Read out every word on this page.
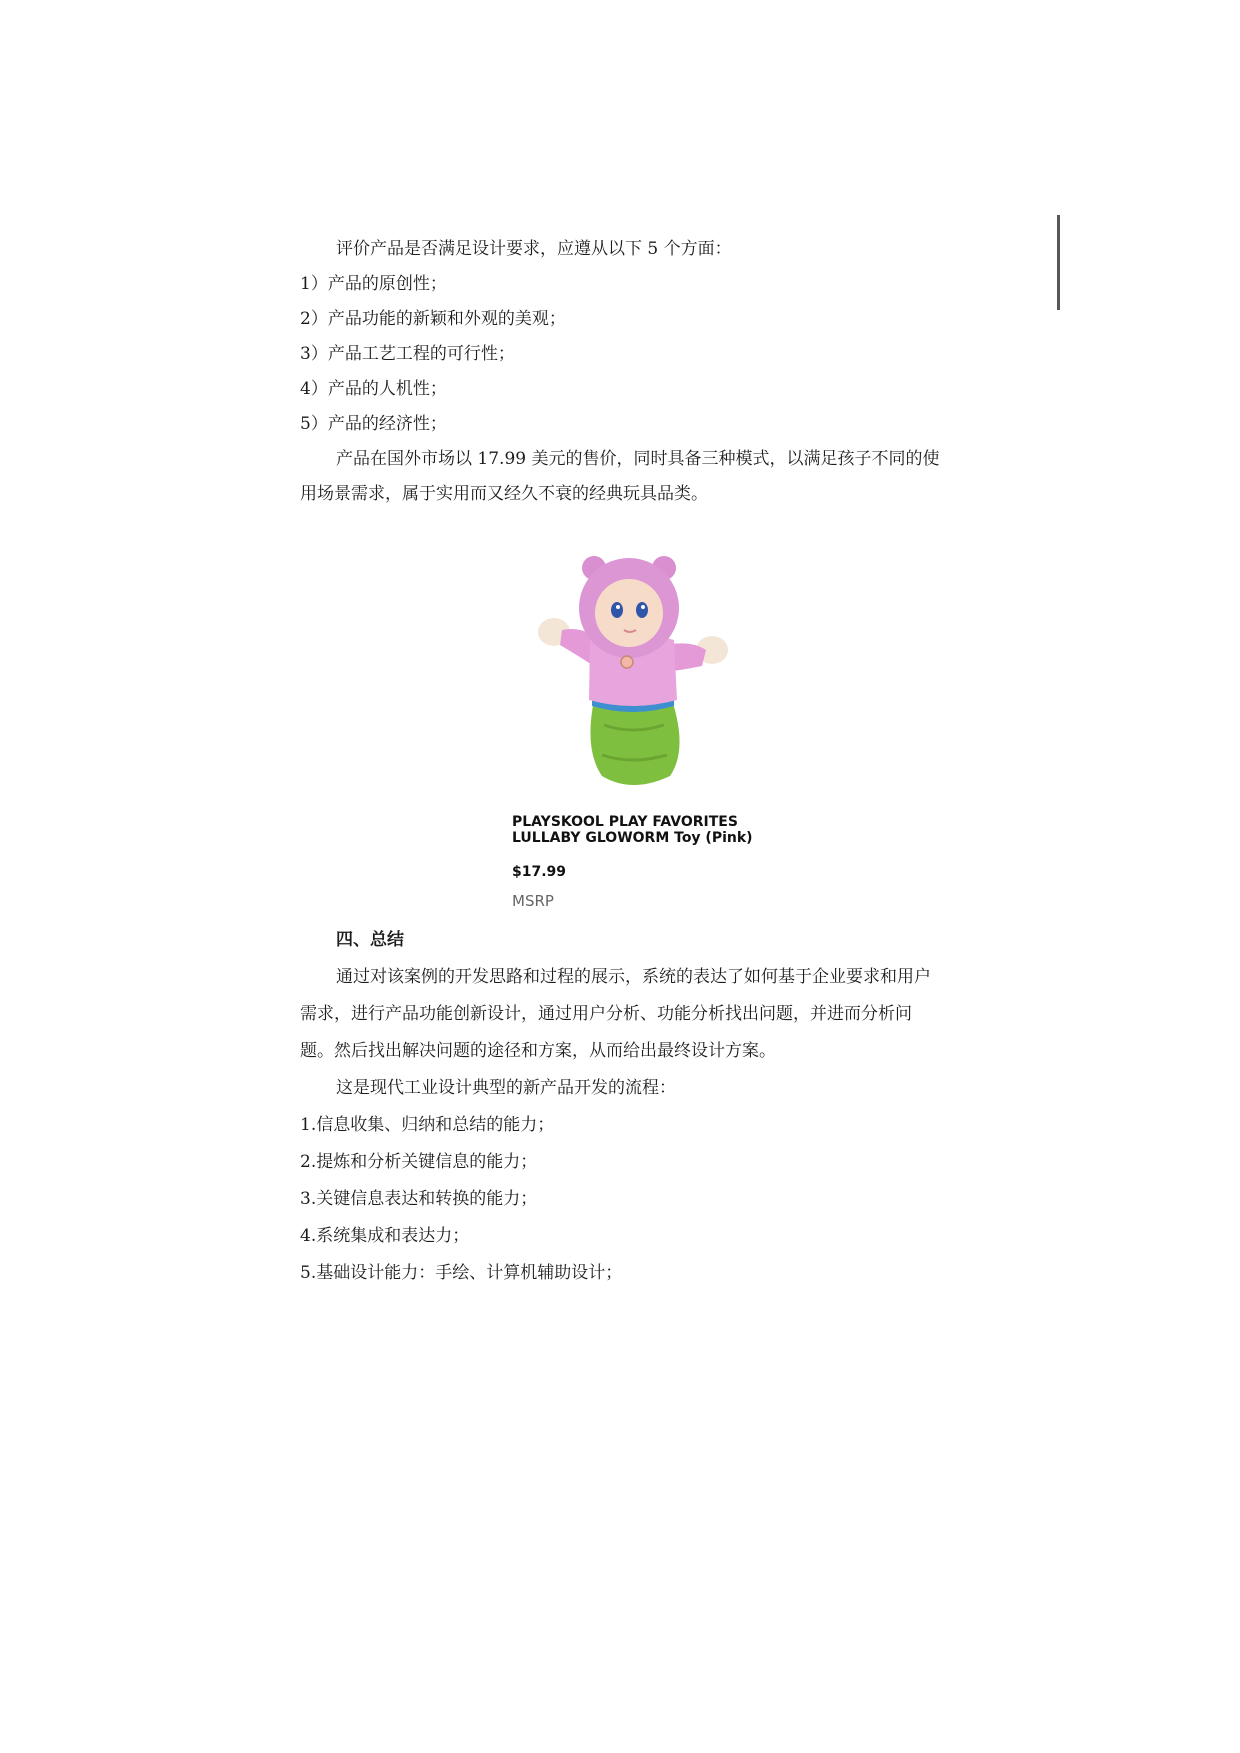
评价产品是否满足设计要求，应遵从以下 5 个方面：

1）产品的原创性；

2）产品功能的新颖和外观的美观；

3）产品工艺工程的可行性；

4）产品的人机性；

5）产品的经济性；

产品在国外市场以 17.99 美元的售价，同时具备三种模式，以满足孩子不同的使用场景需求，属于实用而又经久不衰的经典玩具品类。

PLAYSKOOL PLAY FAVORITES
LULLABY GLOWORM Toy (Pink)
$17.99
MSRP

四、总结

通过对该案例的开发思路和过程的展示，系统的表达了如何基于企业要求和用户需求，进行产品功能创新设计，通过用户分析、功能分析找出问题，并进而分析问题。然后找出解决问题的途径和方案，从而给出最终设计方案。

这是现代工业设计典型的新产品开发的流程：

1.信息收集、归纳和总结的能力；

2.提炼和分析关键信息的能力；

3.关键信息表达和转换的能力；

4.系统集成和表达力；

5.基础设计能力：手绘、计算机辅助设计；
